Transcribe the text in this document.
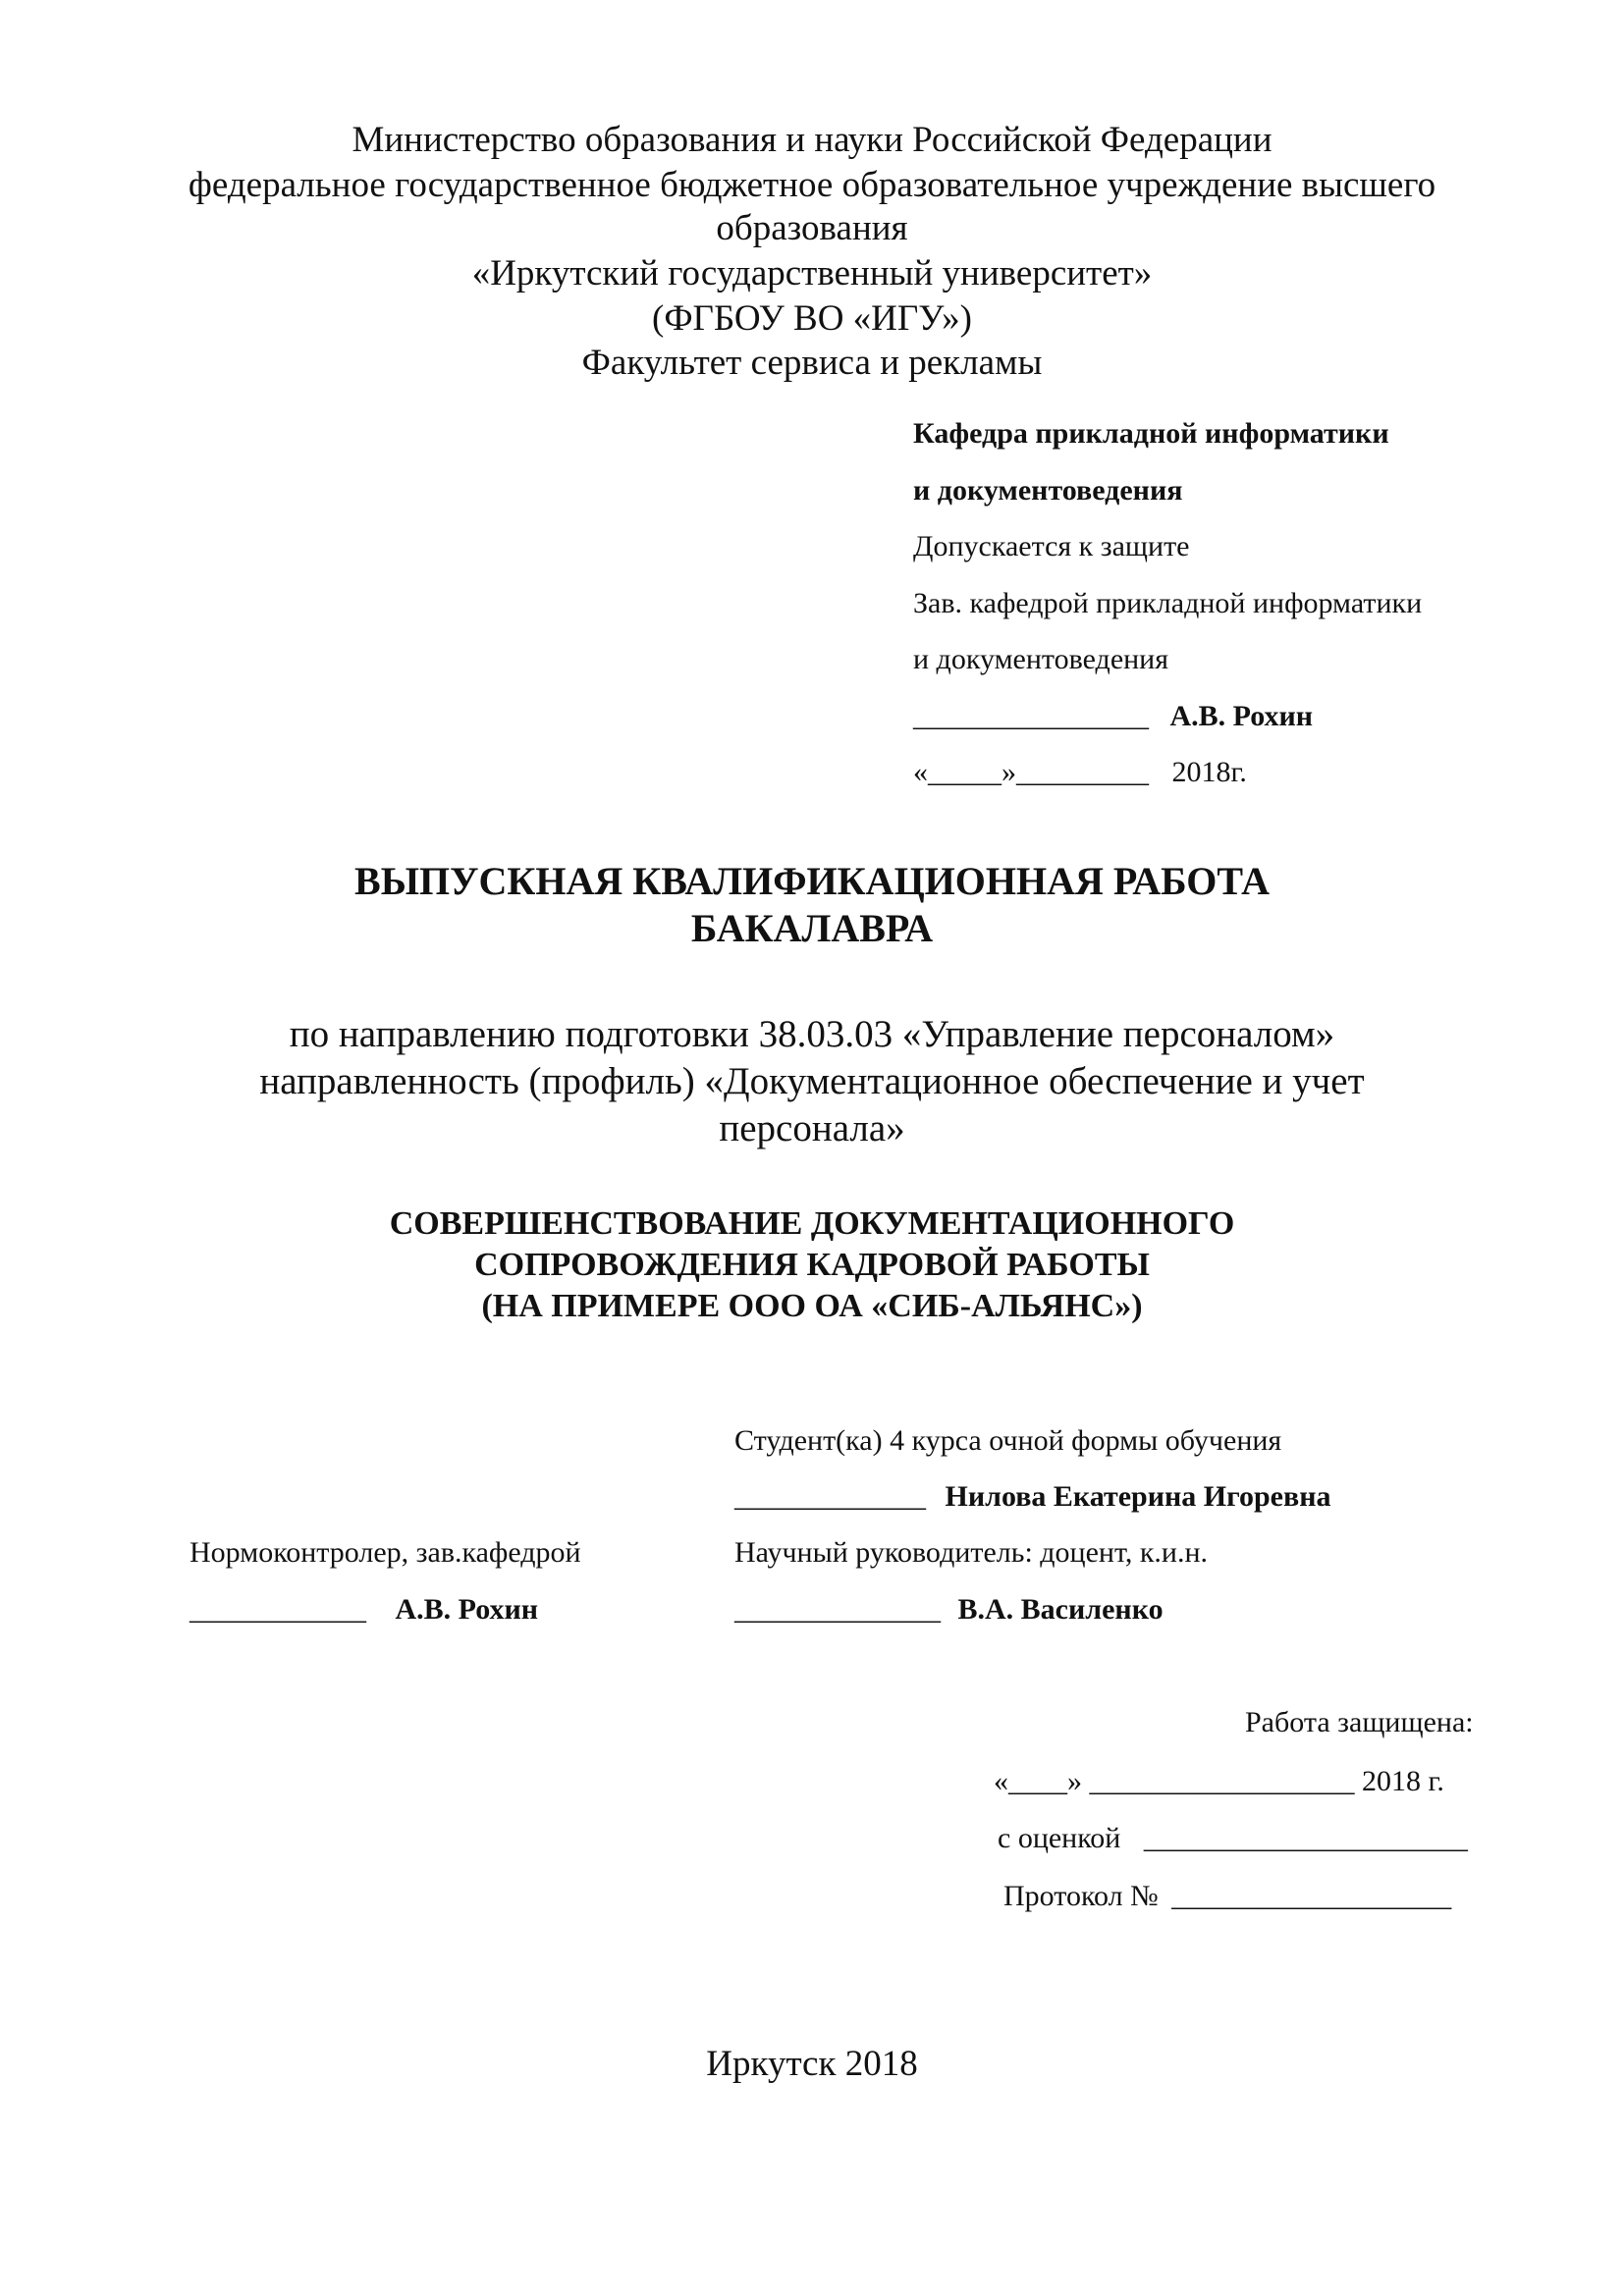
Министерство образования и науки Российской Федерации
федеральное государственное бюджетное образовательное учреждение высшего
образования
«Иркутский государственный университет»
(ФГБОУ ВО «ИГУ»)
Факультет сервиса и рекламы
Кафедра прикладной информатики
и документоведения
Допускается к защите
Зав. кафедрой прикладной информатики
и документоведения
________________ А.В. Рохин
«_____»_________ 2018г.
ВЫПУСКНАЯ КВАЛИФИКАЦИОННАЯ РАБОТА
БАКАЛАВРА
по направлению подготовки 38.03.03 «Управление персоналом»
направленность (профиль) «Документационное обеспечение и учет
персонала»
СОВЕРШЕНСТВОВАНИЕ ДОКУМЕНТАЦИОННОГО
СОПРОВОЖДЕНИЯ КАДРОВОЙ РАБОТЫ
(НА ПРИМЕРЕ ООО ОА «СИБ-АЛЬЯНС»)
Студент(ка) 4 курса очной формы обучения
_____________ Нилова Екатерина Игоревна
Нормоконтролер, зав.кафедрой	Научный руководитель: доцент, к.и.н.
____________ А.В. Рохин	______________ В.А. Василенко
Работа защищена:
«____» __________________ 2018 г.
с оценкой ______________________
Протокол № ___________________
Иркутск 2018
